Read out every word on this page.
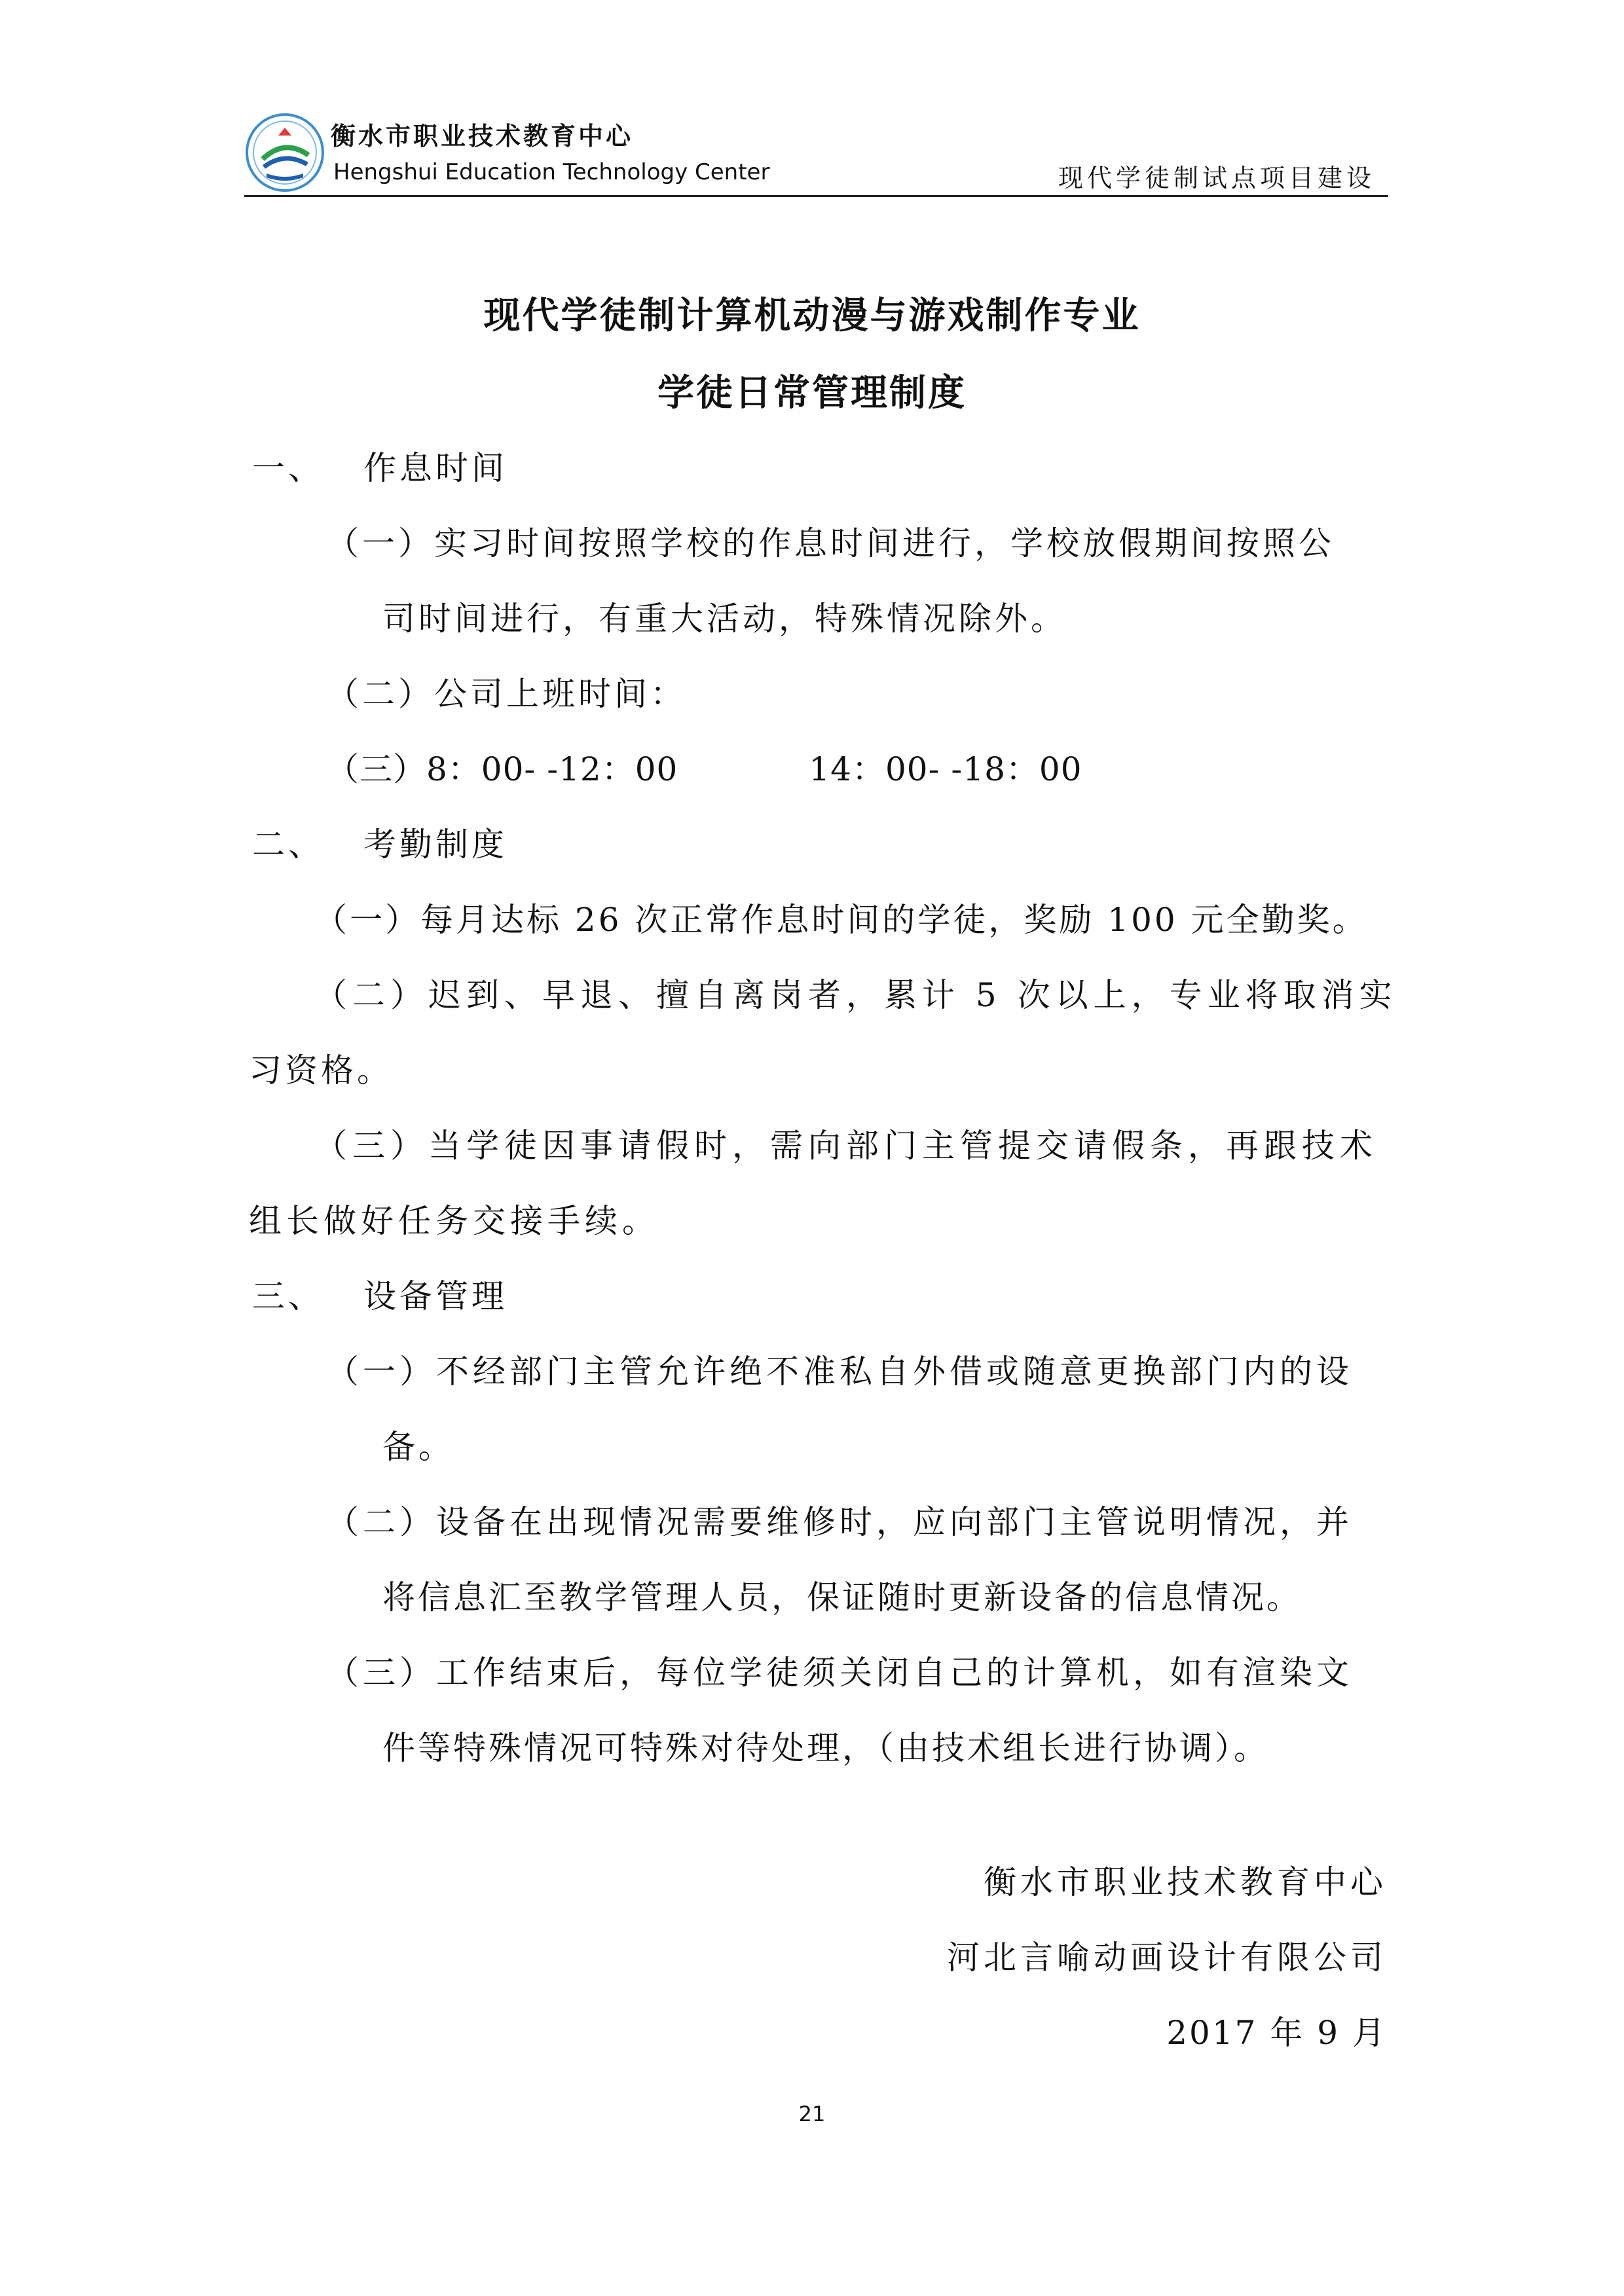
衡水市职业技术教育中心
Hengshui Education Technology Center	现代学徒制试点项目建设
现代学徒制计算机动漫与游戏制作专业
学徒日常管理制度
一、 作息时间
（一）实习时间按照学校的作息时间进行，学校放假期间按照公
司时间进行，有重大活动，特殊情况除外。
（二）公司上班时间：
（三）8：00- -12：00	14：00- -18：00
二、 考勤制度
（一）每月达标 26 次正常作息时间的学徒，奖励 100 元全勤奖。
（二）迟到、早退、擅自离岗者，累计 5 次以上，专业将取消实
习资格。
（三）当学徒因事请假时，需向部门主管提交请假条，再跟技术
组长做好任务交接手续。
三、 设备管理
（一）不经部门主管允许绝不准私自外借或随意更换部门内的设
备。
（二）设备在出现情况需要维修时，应向部门主管说明情况，并
将信息汇至教学管理人员，保证随时更新设备的信息情况。
（三）工作结束后，每位学徒须关闭自己的计算机，如有渲染文
件等特殊情况可特殊对待处理，（由技术组长进行协调）。
衡水市职业技术教育中心
河北言喻动画设计有限公司
2017 年 9 月
21
